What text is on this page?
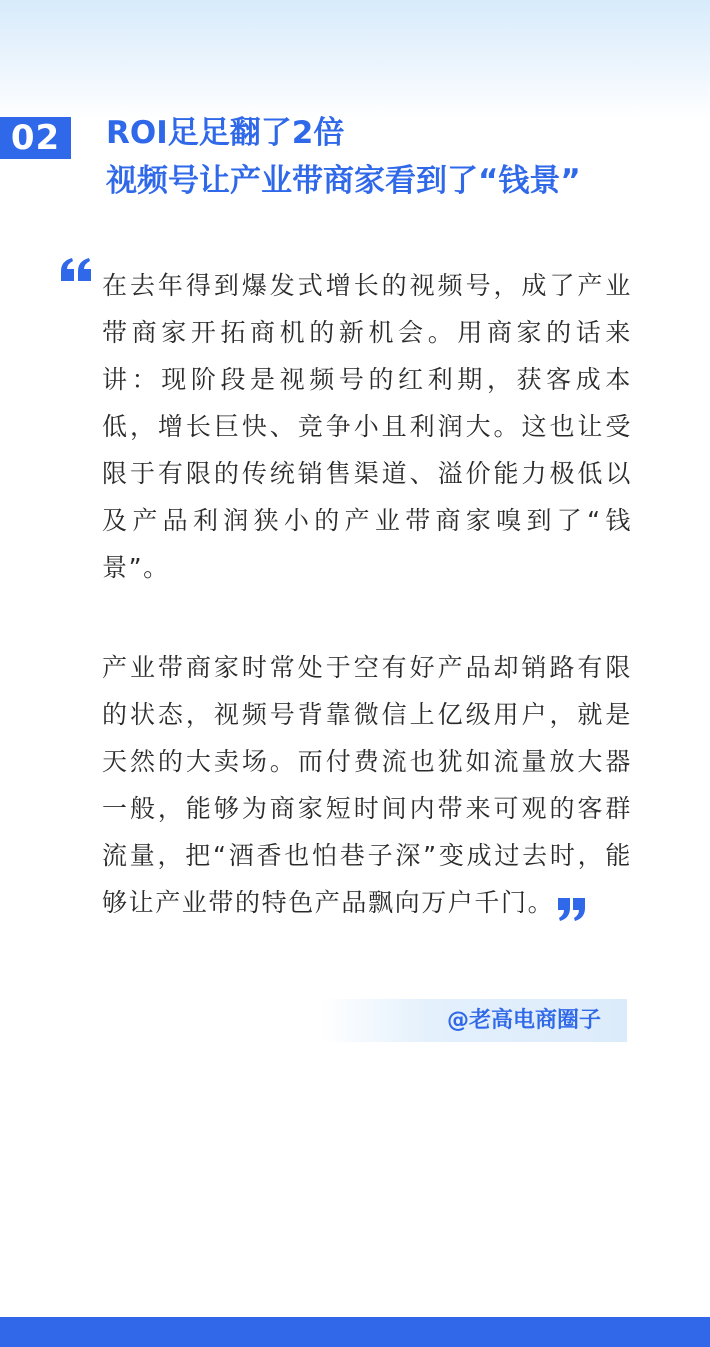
02	ROI足足翻了2倍
视频号让产业带商家看到了“钱景”

在去年得到爆发式增长的视频号，成了产业带商家开拓商机的新机会。用商家的话来讲：现阶段是视频号的红利期，获客成本低，增长巨快、竞争小且利润大。这也让受限于有限的传统销售渠道、溢价能力极低以及产品利润狭小的产业带商家嗅到了“钱景”。

产业带商家时常处于空有好产品却销路有限的状态，视频号背靠微信上亿级用户，就是天然的大卖场。而付费流也犹如流量放大器一般，能够为商家短时间内带来可观的客群流量，把“酒香也怕巷子深”变成过去时，能够让产业带的特色产品飘向万户千门。

@老高电商圈子
